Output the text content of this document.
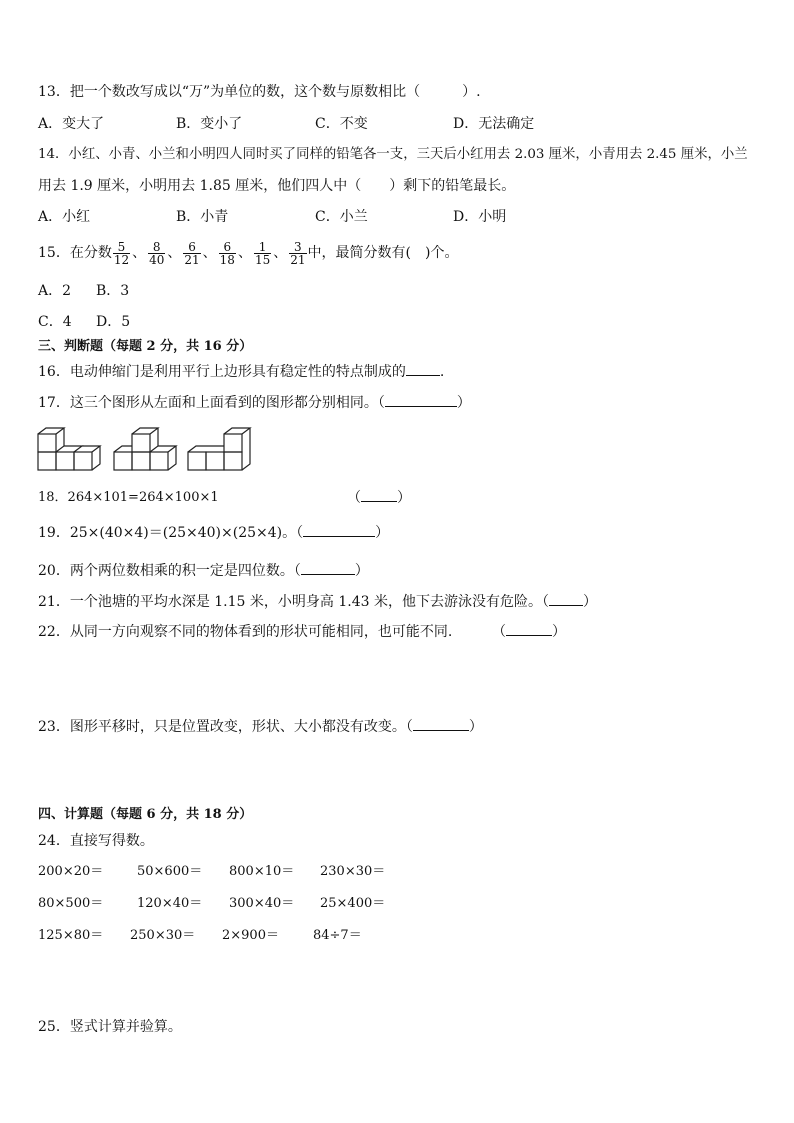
13．把一个数改写成以“万”为单位的数，这个数与原数相比（　　　）.
A．变大了	B．变小了	C．不变	D．无法确定
14．小红、小青、小兰和小明四人同时买了同样的铅笔各一支，三天后小红用去 2.03 厘米，小青用去 2.45 厘米，小兰
用去 1.9 厘米，小明用去 1.85 厘米，他们四人中（　　）剩下的铅笔最长。
A．小红	B．小青	C．小兰	D．小明
15．在分数 $\frac{5}{12}$ 、 $\frac{8}{40}$ 、 $\frac{6}{21}$ 、 $\frac{6}{18}$ 、 $\frac{1}{15}$ 、 $\frac{3}{21}$ 中，最简分数有(　)个。
A．2 B．3
C．4 D．5
三、判断题（每题 2 分，共 16 分）
16．电动伸缩门是利用平行上边形具有稳定性的特点制成的 .
17．这三个图形从左面和上面看到的图形都分别相同。（	）
18．264×101=264×100×1	（	）
19．25×(40×4)＝(25×40)×(25×4)。（	）
20．两个两位数相乘的积一定是四位数。（	）
21．一个池塘的平均水深是 1.15 米，小明身高 1.43 米，他下去游泳没有危险。（ ）
22．从同一方向观察不同的物体看到的形状可能相同，也可能不同.	（	）
23．图形平移时，只是位置改变，形状、大小都没有改变。（	）
四、计算题（每题 6 分，共 18 分）
24．直接写得数。
200×20＝	50×600＝ 800×10＝ 230×30＝
80×500＝	120×40＝ 300×40＝ 25×400＝
125×80＝ 250×30＝ 2×900＝	84÷7＝
25．竖式计算并验算。
